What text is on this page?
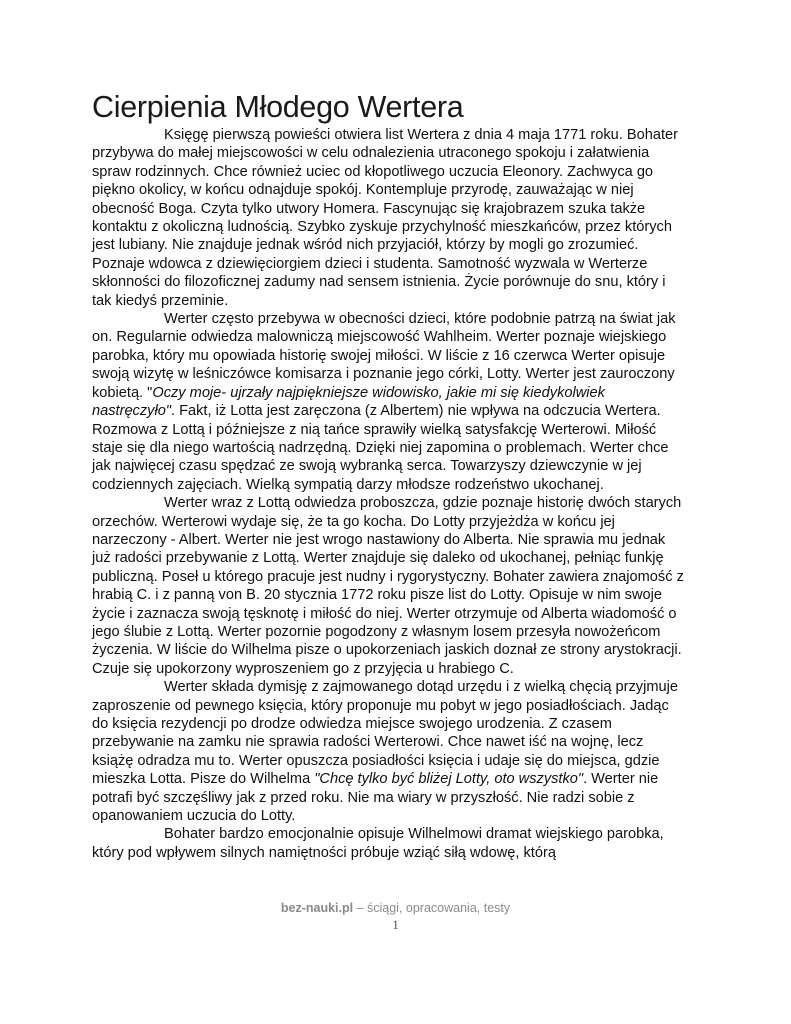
Cierpienia Młodego Wertera

Księgę pierwszą powieści otwiera list Wertera z dnia 4 maja 1771 roku. Bohater przybywa do małej miejscowości w celu odnalezienia utraconego spokoju i załatwienia spraw rodzinnych. Chce również uciec od kłopotliwego uczucia Eleonory. Zachwyca go piękno okolicy, w końcu odnajduje spokój. Kontempluje przyrodę, zauważając w niej obecność Boga. Czyta tylko utwory Homera. Fascynując się krajobrazem szuka także kontaktu z okoliczną ludnością. Szybko zyskuje przychylność mieszkańców, przez których jest lubiany. Nie znajduje jednak wśród nich przyjaciół, którzy by mogli go zrozumieć. Poznaje wdowca z dziewięciorgiem dzieci i studenta. Samotność wyzwala w Werterze skłonności do filozoficznej zadumy nad sensem istnienia. Życie porównuje do snu, który i tak kiedyś przeminie.

Werter często przebywa w obecności dzieci, które podobnie patrzą na świat jak on. Regularnie odwiedza malowniczą miejscowość Wahlheim. Werter poznaje wiejskiego parobka, który mu opowiada historię swojej miłości. W liście z 16 czerwca Werter opisuje swoją wizytę w leśniczówce komisarza i poznanie jego córki, Lotty. Werter jest zauroczony kobietą. "Oczy moje- ujrzały najpiękniejsze widowisko, jakie mi się kiedykolwiek nastręczyło". Fakt, iż Lotta jest zaręczona (z Albertem) nie wpływa na odczucia Wertera. Rozmowa z Lottą i późniejsze z nią tańce sprawiły wielką satysfakcję Werterowi. Miłość staje się dla niego wartością nadrzędną. Dzięki niej zapomina o problemach. Werter chce jak najwięcej czasu spędzać ze swoją wybranką serca. Towarzyszy dziewczynie w jej codziennych zajęciach. Wielką sympatią darzy młodsze rodzeństwo ukochanej.

Werter wraz z Lottą odwiedza proboszcza, gdzie poznaje historię dwóch starych orzechów. Werterowi wydaje się, że ta go kocha. Do Lotty przyjeżdża w końcu jej narzeczony - Albert. Werter nie jest wrogo nastawiony do Alberta. Nie sprawia mu jednak już radości przebywanie z Lottą. Werter znajduje się daleko od ukochanej, pełniąc funkję publiczną. Poseł u którego pracuje jest nudny i rygorystyczny. Bohater zawiera znajomość z hrabią C. i z panną von B. 20 stycznia 1772 roku pisze list do Lotty. Opisuje w nim swoje życie i zaznacza swoją tęsknotę i miłość do niej. Werter otrzymuje od Alberta wiadomość o jego ślubie z Lottą. Werter pozornie pogodzony z własnym losem przesyła nowożeńcom życzenia. W liście do Wilhelma pisze o upokorzeniach jaskich doznał ze strony arystokracji. Czuje się upokorzony wyproszeniem go z przyjęcia u hrabiego C.

Werter składa dymisję z zajmowanego dotąd urzędu i z wielką chęcią przyjmuje zaproszenie od pewnego księcia, który proponuje mu pobyt w jego posiadłościach. Jadąc do księcia rezydencji po drodze odwiedza miejsce swojego urodzenia. Z czasem przebywanie na zamku nie sprawia radości Werterowi. Chce nawet iść na wojnę, lecz książę odradza mu to. Werter opuszcza posiadłości księcia i udaje się do miejsca, gdzie mieszka Lotta. Pisze do Wilhelma "Chcę tylko być bliżej Lotty, oto wszystko". Werter nie potrafi być szczęśliwy jak z przed roku. Nie ma wiary w przyszłość. Nie radzi sobie z opanowaniem uczucia do Lotty.

Bohater bardzo emocjonalnie opisuje Wilhelmowi dramat wiejskiego parobka, który pod wpływem silnych namiętności próbuje wziąć siłą wdowę, którą

bez-nauki.pl – ściągi, opracowania, testy
1
